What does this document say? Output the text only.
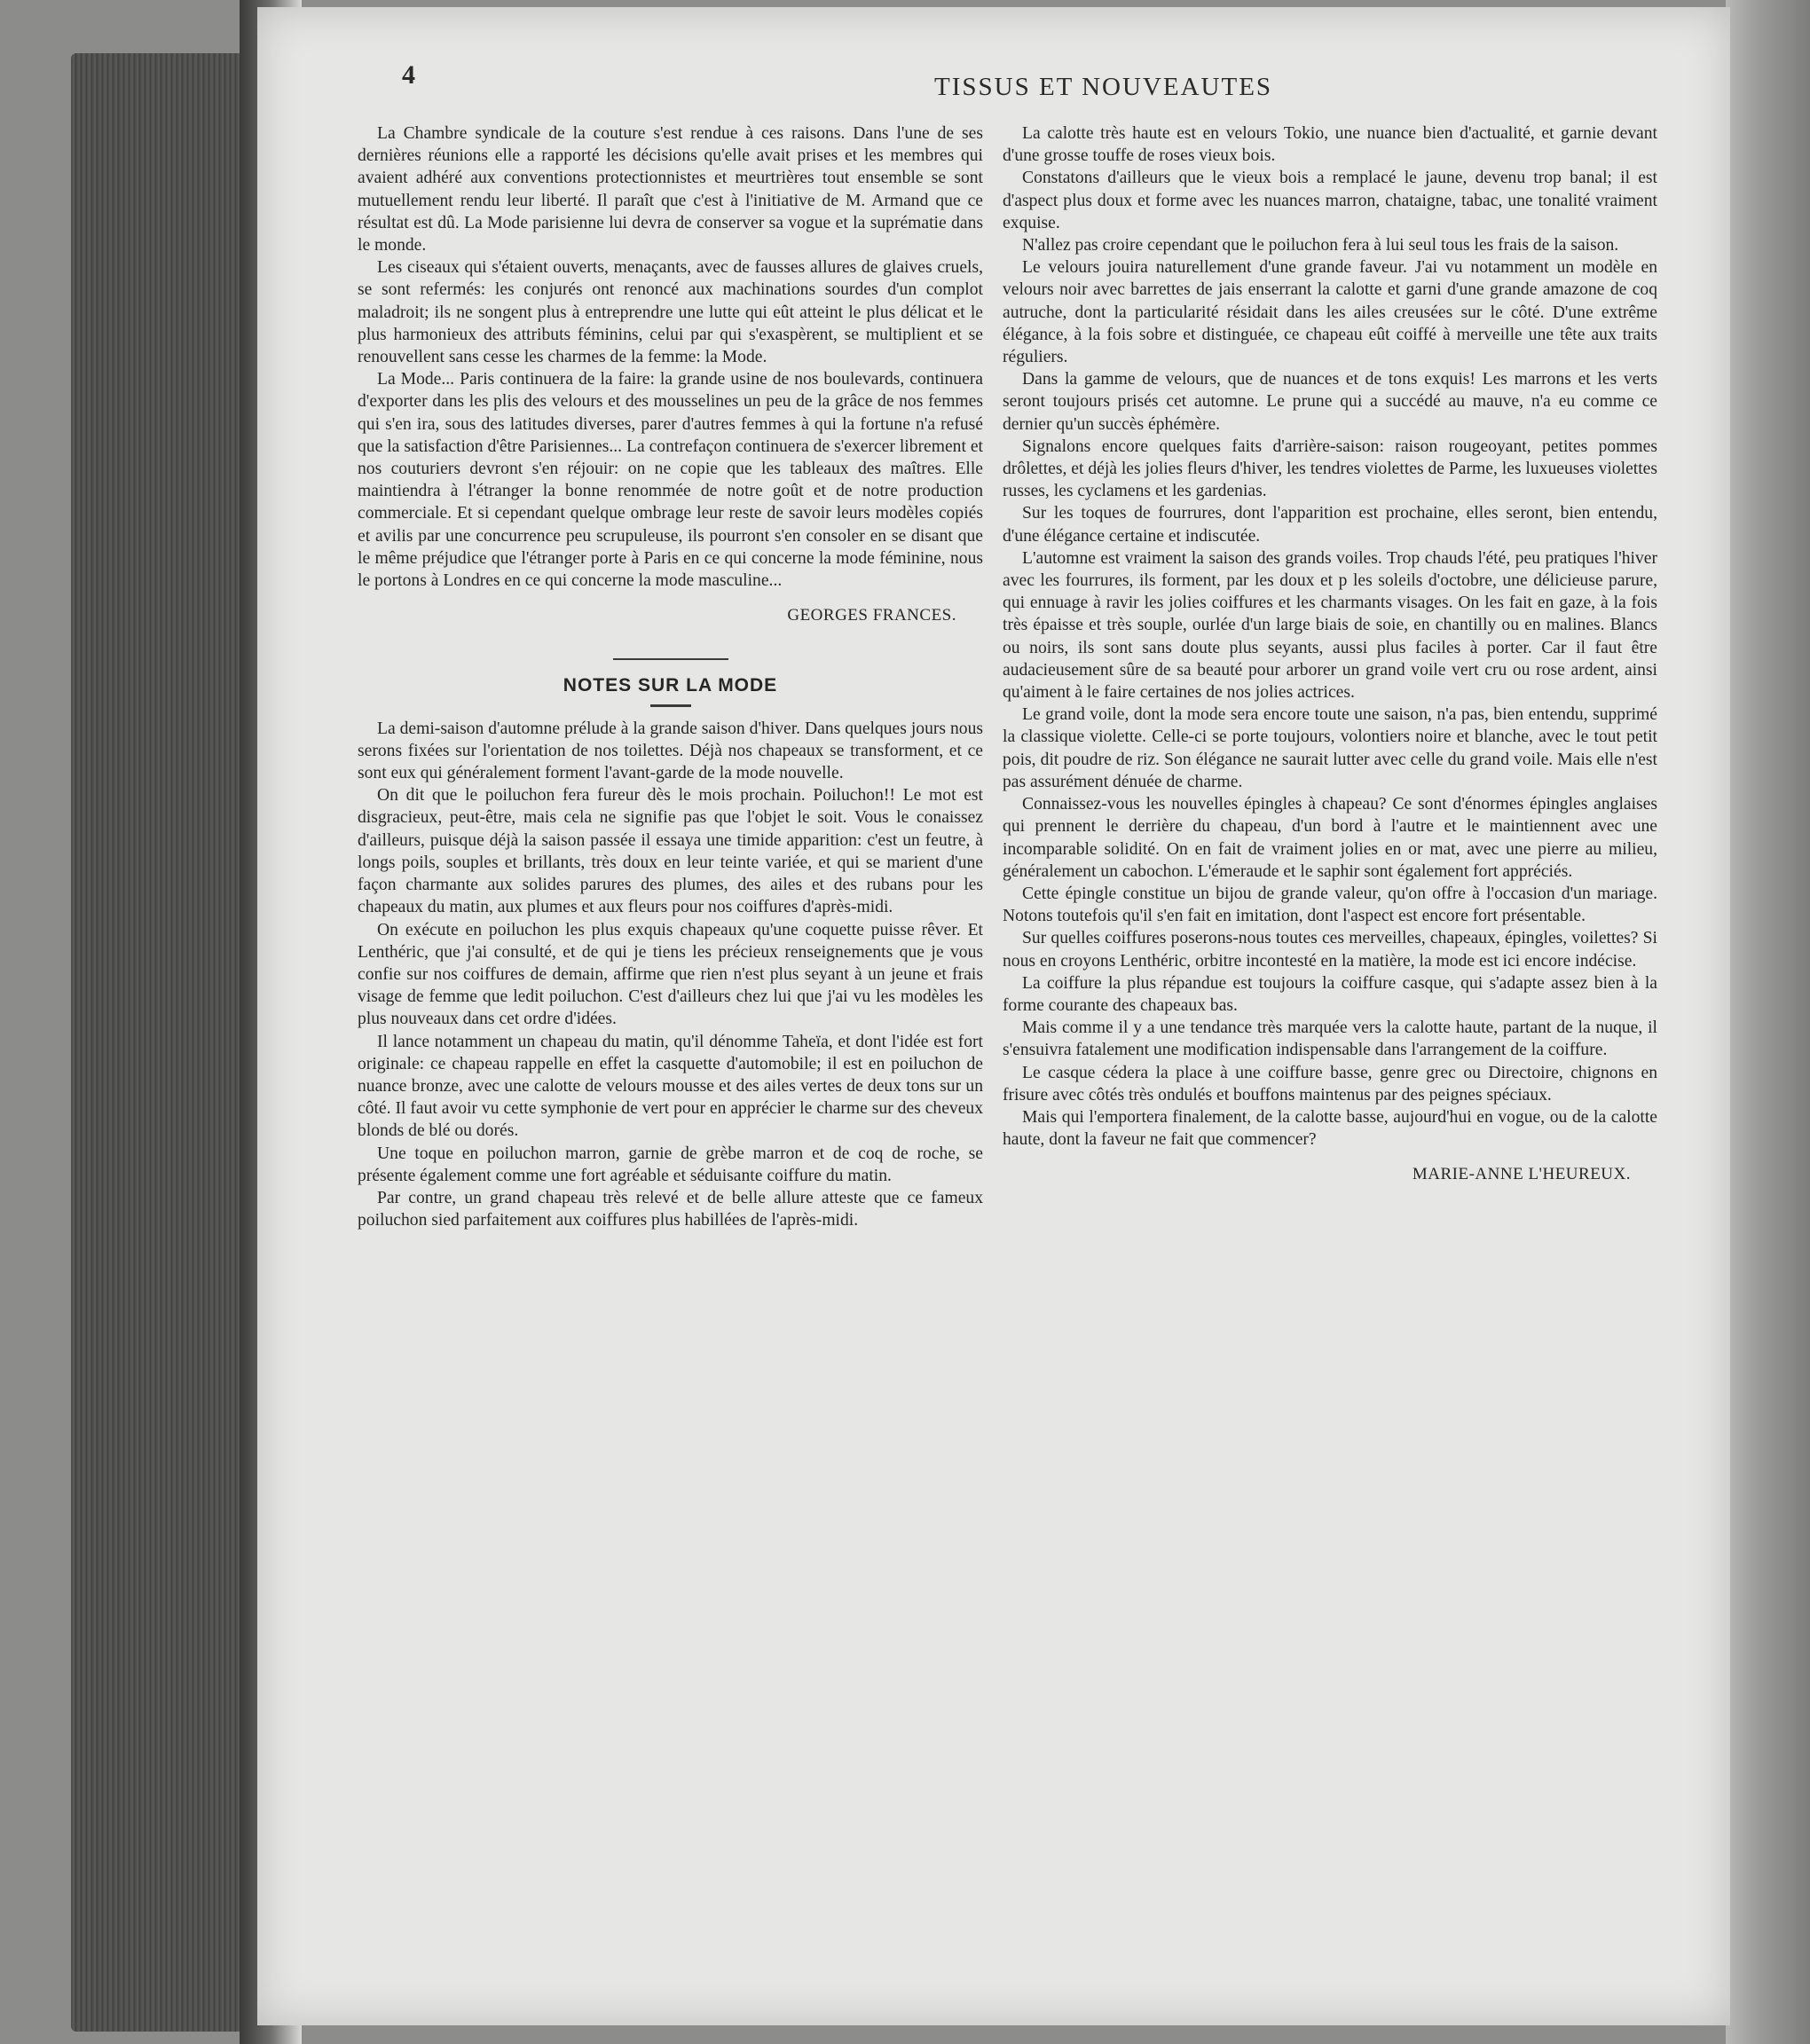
4	TISSUS ET NOUVEAUTES

La Chambre syndicale de la couture s'est rendue à ces raisons. Dans l'une de ses dernières réunions elle a rapporté les décisions qu'elle avait prises et les membres qui avaient adhéré aux conventions protectionnistes et meurtrières tout ensemble se sont mutuellement rendu leur liberté. Il paraît que c'est à l'initiative de M. Armand que ce résultat est dû. La Mode parisienne lui devra de conserver sa vogue et la suprématie dans le monde.

Les ciseaux qui s'étaient ouverts, menaçants, avec de fausses allures de glaives cruels, se sont refermés: les conjurés ont renoncé aux machinations sourdes d'un complot maladroit; ils ne songent plus à entreprendre une lutte qui eût atteint le plus délicat et le plus harmonieux des attributs féminins, celui par qui s'exaspèrent, se multiplient et se renouvellent sans cesse les charmes de la femme: la Mode.

La Mode... Paris continuera de la faire: la grande usine de nos boulevards, continuera d'exporter dans les plis des velours et des mousselines un peu de la grâce de nos femmes qui s'en ira, sous des latitudes diverses, parer d'autres femmes à qui la fortune n'a refusé que la satisfaction d'être Parisiennes... La contrefaçon continuera de s'exercer librement et nos couturiers devront s'en réjouir: on ne copie que les tableaux des maîtres. Elle maintiendra à l'étranger la bonne renommée de notre goût et de notre production commerciale. Et si cependant quelque ombrage leur reste de savoir leurs modèles copiés et avilis par une concurrence peu scrupuleuse, ils pourront s'en consoler en se disant que le même préjudice que l'étranger porte à Paris en ce qui concerne la mode féminine, nous le portons à Londres en ce qui concerne la mode masculine...

GEORGES FRANCES.
NOTES SUR LA MODE

La demi-saison d'automne prélude à la grande saison d'hiver. Dans quelques jours nous serons fixées sur l'orientation de nos toilettes. Déjà nos chapeaux se transforment, et ce sont eux qui généralement forment l'avant-garde de la mode nouvelle.

On dit que le poiluchon fera fureur dès le mois prochain. Poiluchon!! Le mot est disgracieux, peut-être, mais cela ne signifie pas que l'objet le soit. Vous le conaissez d'ailleurs, puisque déjà la saison passée il essaya une timide apparition: c'est un feutre, à longs poils, souples et brillants, très doux en leur teinte variée, et qui se marient d'une façon charmante aux solides parures des plumes, des ailes et des rubans pour les chapeaux du matin, aux plumes et aux fleurs pour nos coiffures d'après-midi.

On exécute en poiluchon les plus exquis chapeaux qu'une coquette puisse rêver. Et Lenthéric, que j'ai consulté, et de qui je tiens les précieux renseignements que je vous confie sur nos coiffures de demain, affirme que rien n'est plus seyant à un jeune et frais visage de femme que ledit poiluchon. C'est d'ailleurs chez lui que j'ai vu les modèles les plus nouveaux dans cet ordre d'idées.

Il lance notamment un chapeau du matin, qu'il dénomme Taheïa, et dont l'idée est fort originale: ce chapeau rappelle en effet la casquette d'automobile; il est en poiluchon de nuance bronze, avec une calotte de velours mousse et des ailes vertes de deux tons sur un côté. Il faut avoir vu cette symphonie de vert pour en apprécier le charme sur des cheveux blonds de blé ou dorés.

Une toque en poiluchon marron, garnie de grèbe marron et de coq de roche, se présente également comme une fort agréable et séduisante coiffure du matin.

Par contre, un grand chapeau très relevé et de belle allure atteste que ce fameux poiluchon sied parfaitement aux coiffures plus habillées de l'après-midi.

La calotte très haute est en velours Tokio, une nuance bien d'actualité, et garnie devant d'une grosse touffe de roses vieux bois.

Constatons d'ailleurs que le vieux bois a remplacé le jaune, devenu trop banal; il est d'aspect plus doux et forme avec les nuances marron, chataigne, tabac, une tonalité vraiment exquise.

N'allez pas croire cependant que le poiluchon fera à lui seul tous les frais de la saison.

Le velours jouira naturellement d'une grande faveur. J'ai vu notamment un modèle en velours noir avec barrettes de jais enserrant la calotte et garni d'une grande amazone de coq autruche, dont la particularité résidait dans les ailes creusées sur le côté. D'une extrême élégance, à la fois sobre et distinguée, ce chapeau eût coiffé à merveille une tête aux traits réguliers.

Dans la gamme de velours, que de nuances et de tons exquis! Les marrons et les verts seront toujours prisés cet automne. Le prune qui a succédé au mauve, n'a eu comme ce dernier qu'un succès éphémère.

Signalons encore quelques faits d'arrière-saison: raison rougeoyant, petites pommes drôlettes, et déjà les jolies fleurs d'hiver, les tendres violettes de Parme, les luxueuses violettes russes, les cyclamens et les gardenias.

Sur les toques de fourrures, dont l'apparition est prochaine, elles seront, bien entendu, d'une élégance certaine et indiscutée.

L'automne est vraiment la saison des grands voiles. Trop chauds l'été, peu pratiques l'hiver avec les fourrures, ils forment, par les doux et p les soleils d'octobre, une délicieuse parure, qui ennuage à ravir les jolies coiffures et les charmants visages. On les fait en gaze, à la fois très épaisse et très souple, ourlée d'un large biais de soie, en chantilly ou en malines. Blancs ou noirs, ils sont sans doute plus seyants, aussi plus faciles à porter. Car il faut être audacieusement sûre de sa beauté pour arborer un grand voile vert cru ou rose ardent, ainsi qu'aiment à le faire certaines de nos jolies actrices.

Le grand voile, dont la mode sera encore toute une saison, n'a pas, bien entendu, supprimé la classique violette. Celle-ci se porte toujours, volontiers noire et blanche, avec le tout petit pois, dit poudre de riz. Son élégance ne saurait lutter avec celle du grand voile. Mais elle n'est pas assurément dénuée de charme.

Connaissez-vous les nouvelles épingles à chapeau? Ce sont d'énormes épingles anglaises qui prennent le derrière du chapeau, d'un bord à l'autre et le maintiennent avec une incomparable solidité. On en fait de vraiment jolies en or mat, avec une pierre au milieu, généralement un cabochon. L'émeraude et le saphir sont également fort appréciés.

Cette épingle constitue un bijou de grande valeur, qu'on offre à l'occasion d'un mariage. Notons toutefois qu'il s'en fait en imitation, dont l'aspect est encore fort présentable.

Sur quelles coiffures poserons-nous toutes ces merveilles, chapeaux, épingles, voilettes? Si nous en croyons Lenthéric, orbitre incontesté en la matière, la mode est ici encore indécise.

La coiffure la plus répandue est toujours la coiffure casque, qui s'adapte assez bien à la forme courante des chapeaux bas.

Mais comme il y a une tendance très marquée vers la calotte haute, partant de la nuque, il s'ensuivra fatalement une modification indispensable dans l'arrangement de la coiffure.

Le casque cédera la place à une coiffure basse, genre grec ou Directoire, chignons en frisure avec côtés très ondulés et bouffons maintenus par des peignes spéciaux.

Mais qui l'emportera finalement, de la calotte basse, aujourd'hui en vogue, ou de la calotte haute, dont la faveur ne fait que commencer?

MARIE-ANNE L'HEUREUX.
